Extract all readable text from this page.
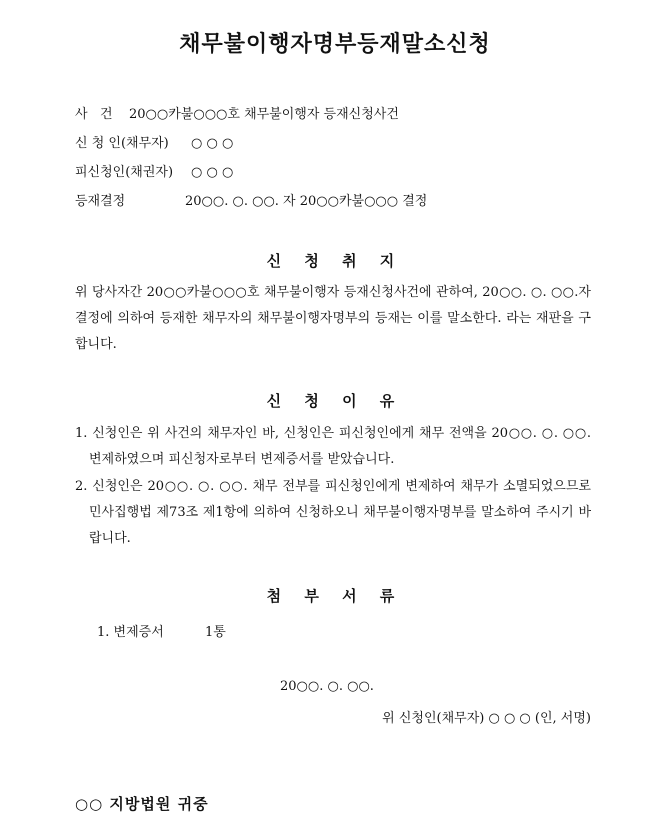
채무불이행자명부등재말소신청
사   건 20○○카불○○○호 채무불이행자 등재신청사건
신 청 인(채무자) ○ ○ ○
피신청인(채권자) ○ ○ ○
등재결정	20○○. ○. ○○. 자 20○○카불○○○ 결정
신 청 취 지

위 당사자간 20○○카불○○○호 채무불이행자 등재신청사건에 관하여, 20○○. ○. ○○.자 결정에 의하여 등재한 채무자의 채무불이행자명부의 등재는 이를 말소한다. 라는 재판을 구합니다.

신 청 이 유

1. 신청인은 위 사건의 채무자인 바, 신청인은 피신청인에게 채무 전액을 20○○. ○. ○○. 변제하였으며 피신청자로부터 변제증서를 받았습니다.

2. 신청인은 20○○. ○. ○○. 채무 전부를 피신청인에게 변제하여 채무가 소멸되었으므로 민사집행법 제73조 제1항에 의하여 신청하오니 채무불이행자명부를 말소하여 주시기 바랍니다.

첨 부 서 류
1. 변제증서	1통
20○○. ○. ○○.
위 신청인(채무자) ○ ○ ○ (인, 서명)
○○ 지방법원 귀중
